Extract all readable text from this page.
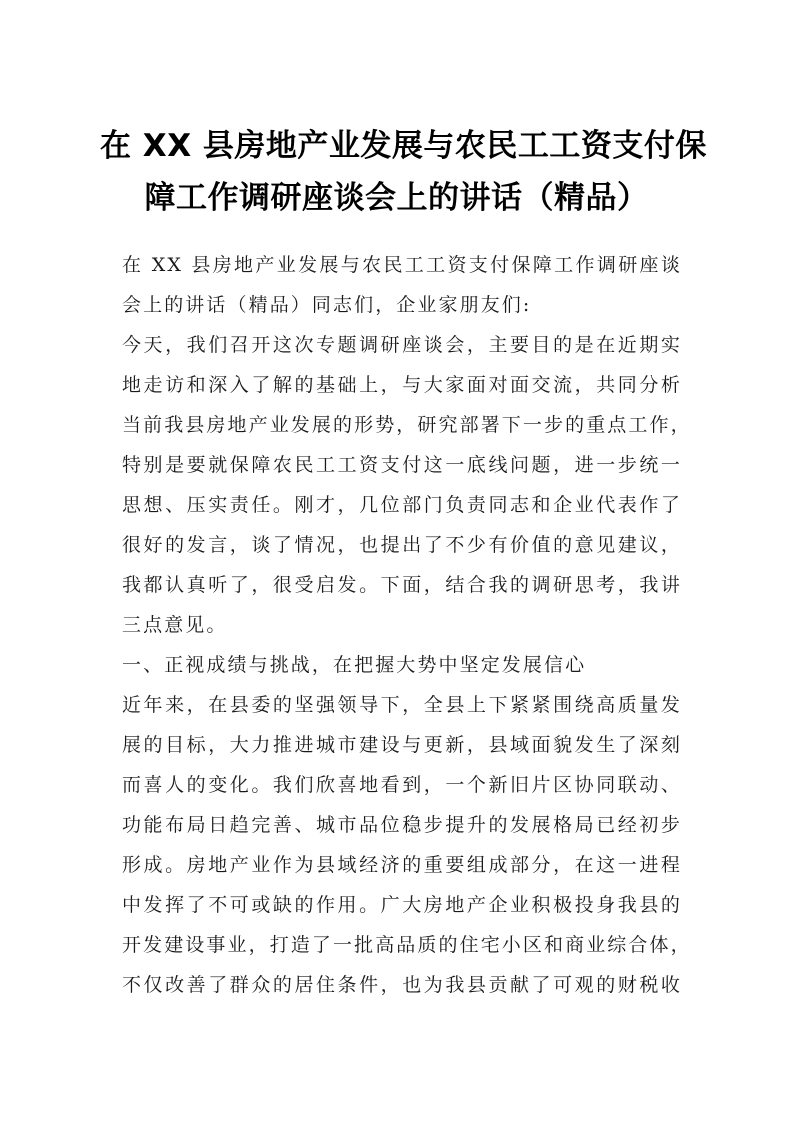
在 XX 县房地产业发展与农民工工资支付保
障工作调研座谈会上的讲话（精品）

在 XX 县房地产业发展与农民工工资支付保障工作调研座谈

会上的讲话（精品）同志们，企业家朋友们:

今天，我们召开这次专题调研座谈会，主要目的是在近期实

地走访和深入了解的基础上，与大家面对面交流，共同分析

当前我县房地产业发展的形势，研究部署下一步的重点工作，

特别是要就保障农民工工资支付这一底线问题，进一步统一

思想、压实责任。刚才，几位部门负责同志和企业代表作了

很好的发言，谈了情况，也提出了不少有价值的意见建议，

我都认真听了，很受启发。下面，结合我的调研思考，我讲

三点意见。

一、正视成绩与挑战，在把握大势中坚定发展信心

近年来，在县委的坚强领导下，全县上下紧紧围绕高质量发

展的目标，大力推进城市建设与更新，县域面貌发生了深刻

而喜人的变化。我们欣喜地看到，一个新旧片区协同联动、

功能布局日趋完善、城市品位稳步提升的发展格局已经初步

形成。房地产业作为县域经济的重要组成部分，在这一进程

中发挥了不可或缺的作用。广大房地产企业积极投身我县的

开发建设事业，打造了一批高品质的住宅小区和商业综合体，

不仅改善了群众的居住条件，也为我县贡献了可观的财税收
